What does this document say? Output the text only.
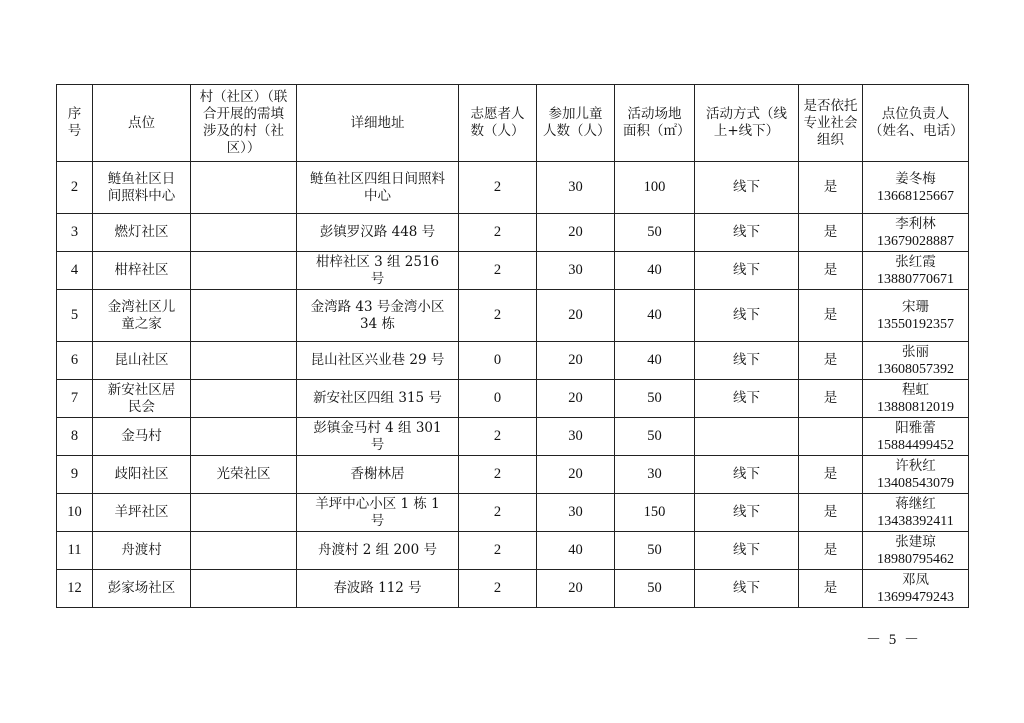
序号	点位	村（社区）（联合开展的需填涉及的村（社区））	详细地址	志愿者人数（人）	参加儿童人数（人）	活动场地面积（㎡）	活动方式（线上+线下）	是否依托专业社会组织	点位负责人（姓名、电话）
2	鲢鱼社区日间照料中心		鲢鱼社区四组日间照料中心	2	30	100	线下	是	姜冬梅
13668125667

3	燃灯社区		彭镇罗汉路 448 号	2	20	50	线下	是	李利林
13679028887

4	柑梓社区		柑梓社区 3 组 2516 号	2	30	40	线下	是	张红霞
13880770671

5	金湾社区儿童之家		金湾路 43 号金湾小区 34 栋	2	20	40	线下	是	宋珊
13550192357

6	昆山社区		昆山社区兴业巷 29 号	0	20	40	线下	是	张丽
13608057392

7	新安社区居民会		新安社区四组 315 号	0	20	50	线下	是	程虹
13880812019

8	金马村		彭镇金马村 4 组 301 号	2	30	50			阳雅蕾
15884499452

9	歧阳社区	光荣社区	香榭林居	2	20	30	线下	是	许秋红
13408543079

10	羊坪社区		羊坪中心小区 1 栋 1 号	2	30	150	线下	是	蒋继红
13438392411

11	舟渡村		舟渡村 2 组 200 号	2	40	50	线下	是	张建琼
18980795462

12	彭家场社区		春波路 112 号	2	20	50	线下	是	邓凤
13699479243
－ 5 －
